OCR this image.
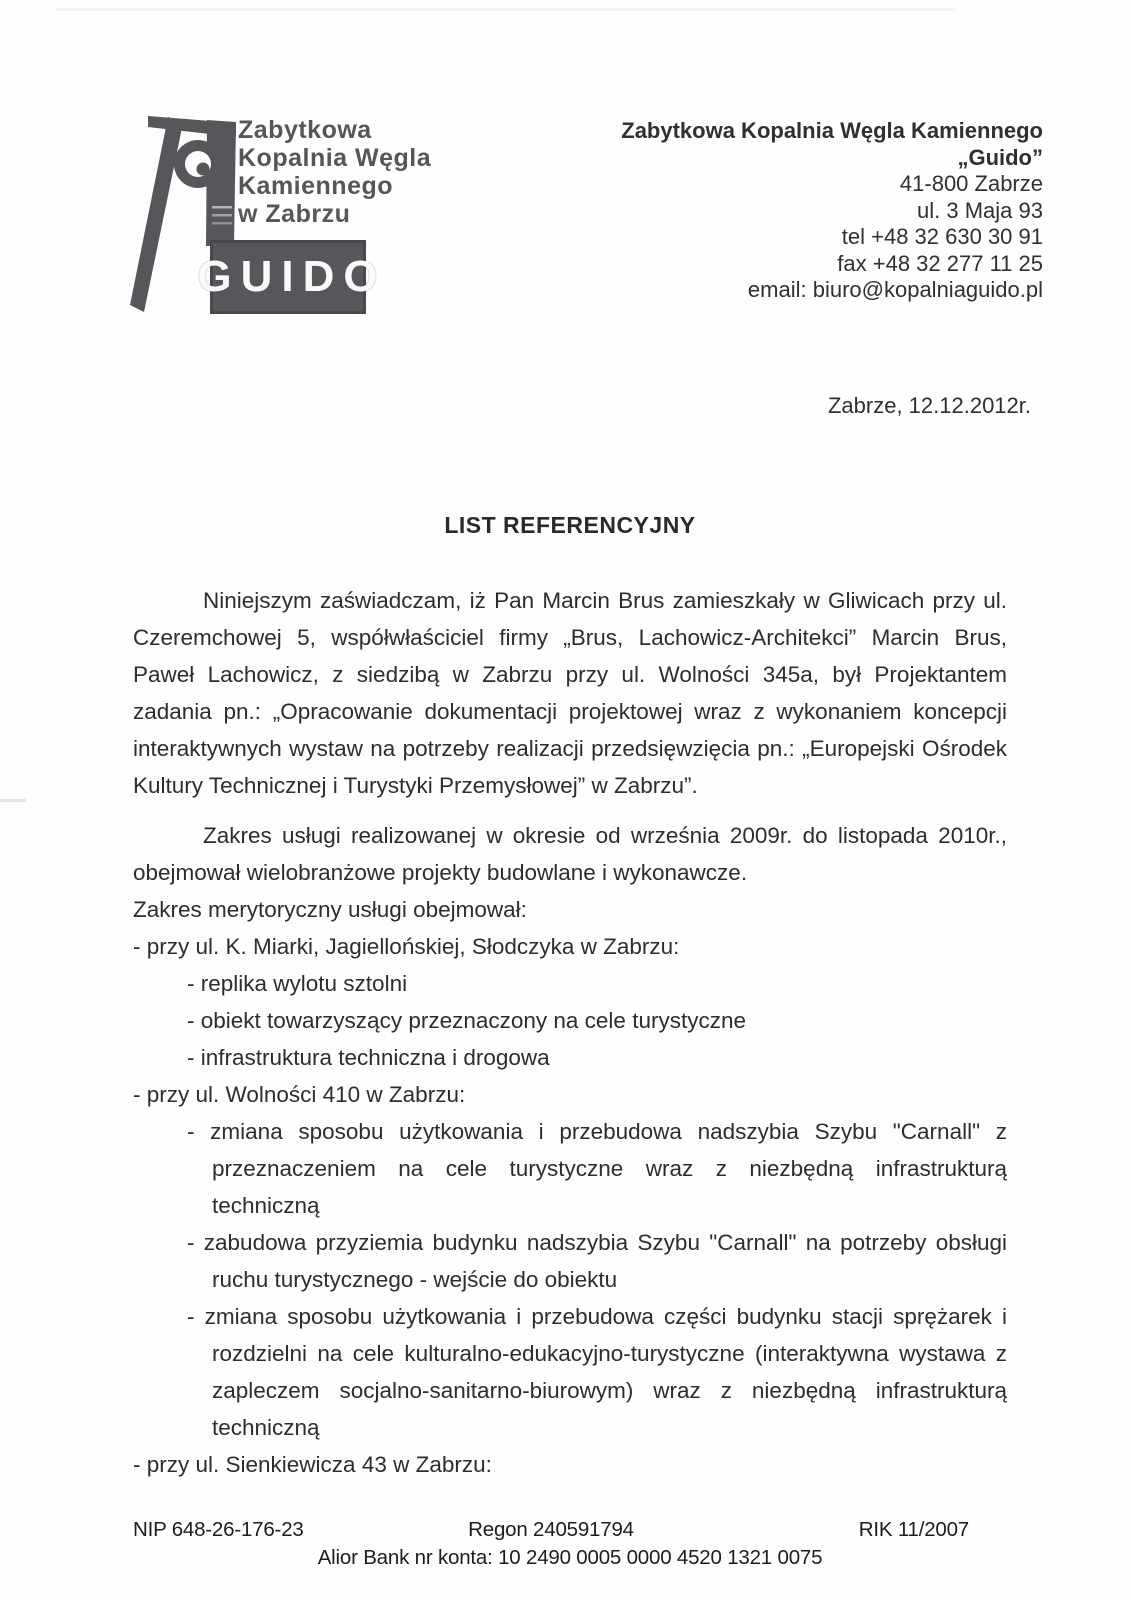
Zabytkowa
Kopalnia Węgla
Kamiennego
w Zabrzu
GUIDO
Zabytkowa Kopalnia Węgla Kamiennego
„Guido”
41-800 Zabrze
ul. 3 Maja 93
tel +48 32 630 30 91
fax +48 32 277 11 25
email: biuro@kopalniaguido.pl
Zabrze, 12.12.2012r.
LIST REFERENCYJNY

Niniejszym zaświadczam, iż Pan Marcin Brus zamieszkały w Gliwicach przy ul. Czeremchowej 5, współwłaściciel firmy „Brus, Lachowicz-Architekci” Marcin Brus, Paweł Lachowicz, z siedzibą w Zabrzu przy ul. Wolności 345a, był Projektantem zadania pn.: „Opracowanie dokumentacji projektowej wraz z wykonaniem koncepcji interaktywnych wystaw na potrzeby realizacji przedsięwzięcia pn.: „Europejski Ośrodek Kultury Technicznej i Turystyki Przemysłowej” w Zabrzu”.

Zakres usługi realizowanej w okresie od września 2009r. do listopada 2010r., obejmował wielobranżowe projekty budowlane i wykonawcze.

Zakres merytoryczny usługi obejmował:

- przy ul. K. Miarki, Jagiellońskiej, Słodczyka w Zabrzu:

- replika wylotu sztolni

- obiekt towarzyszący przeznaczony na cele turystyczne

- infrastruktura techniczna i drogowa

- przy ul. Wolności 410 w Zabrzu:

- zmiana sposobu użytkowania i przebudowa nadszybia Szybu "Carnall" z przeznaczeniem na cele turystyczne wraz z niezbędną infrastrukturą techniczną

- zabudowa przyziemia budynku nadszybia Szybu "Carnall" na potrzeby obsługi ruchu turystycznego - wejście do obiektu

- zmiana sposobu użytkowania i przebudowa części budynku stacji sprężarek i rozdzielni na cele kulturalno-edukacyjno-turystyczne (interaktywna wystawa z zapleczem socjalno-sanitarno-biurowym) wraz z niezbędną infrastrukturą techniczną

- przy ul. Sienkiewicza 43 w Zabrzu:

NIP 648-26-176-23	Regon 240591794	RIK 11/2007
Alior Bank nr konta: 10 2490 0005 0000 4520 1321 0075
